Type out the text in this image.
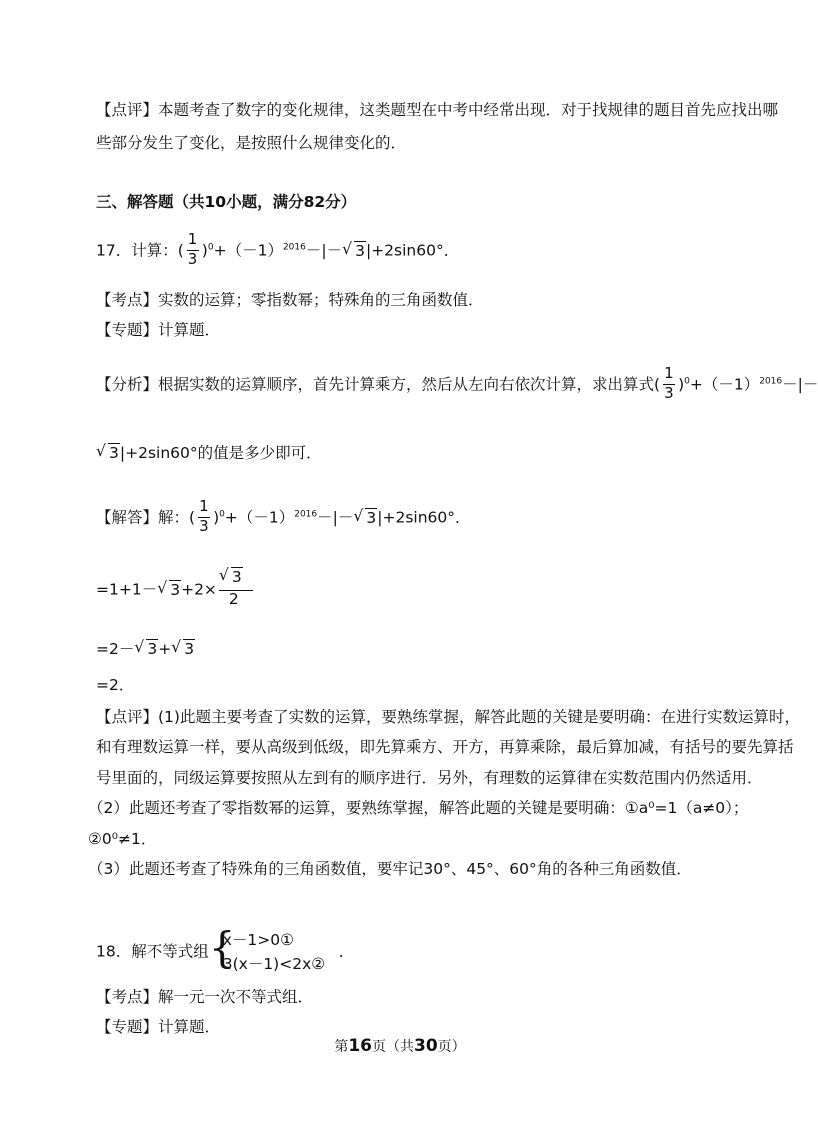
【点评】本题考查了数字的变化规律，这类题型在中考中经常出现．对于找规律的题目首先应找出哪
些部分发生了变化，是按照什么规律变化的．
三、解答题（共10小题，满分82分）
17．计算：( $\frac{1}{3} )^0+(-1)^{2016}-|-√$ 3|+2sin60°．
【考点】实数的运算；零指数幂；特殊角的三角函数值．
【专题】计算题．
【分析】根据实数的运算顺序，首先计算乘方，然后从左向右依次计算，求出算式( $\frac{1}{3} )^0+(-1)^{2016}-|-$
√ 3|+2sin60°的值是多少即可．
【解答】解：( $\frac{1}{3} )^0+(-1)^{2016}-|-√$ 3|+2sin60°．
=1+1－√ 3+2×
√ $\frac{3}{2}$
=2－√ 3+√ 3
=2．
【点评】(1)此题主要考查了实数的运算，要熟练掌握，解答此题的关键是要明确：在进行实数运算时，
和有理数运算一样，要从高级到低级，即先算乘方、开方，再算乘除，最后算加减，有括号的要先算括
号里面的，同级运算要按照从左到有的顺序进行．另外，有理数的运算律在实数范围内仍然适用．
（2）此题还考查了零指数幂的运算，要熟练掌握，解答此题的关键是要明确：①a⁰=1（a≠0）；
②0⁰≠1．
（3）此题还考查了特殊角的三角函数值，要牢记30°、45°、60°角的各种三角函数值．
18．解不等式组 {
x－1>0①
3(x－1)<2x②
．
【考点】解一元一次不等式组．
【专题】计算题．
第16页（共30页）
